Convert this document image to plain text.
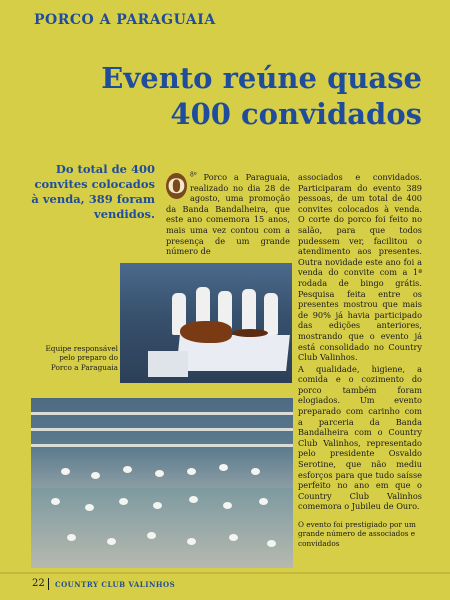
PORCO A PARAGUAIA
Evento reúne quase
400 convidados
Do total de 400 convites colocados à venda, 389 foram vendidos.
O $^{8º}$ Porco a Paraguaia, realizado no dia 28 de agosto, uma promoção da Banda Bandalheira, que este ano comemora 15 anos, mais uma vez contou com a presença de um grande número de

associados e convidados. Participaram do evento 389 pessoas, de um total de 400 convites colocados à venda. O corte do porco foi feito no salão, para que todos pudessem ver, facilitou o atendimento aos presentes. Outra novidade este ano foi a venda do convite com a 1ª rodada de bingo grátis. Pesquisa feita entre os presentes mostrou que mais de 90% já havia participado das edições anteriores, mostrando que o evento já está consolidado no Country Club Valinhos.

A qualidade, higiene, a comida e o cozimento do porco também foram elogiados. Um evento preparado com carinho com a parceria da Banda Bandalheira com o Country Club Valinhos, representado pelo presidente Osvaldo Serotine, que não mediu esforços para que tudo saísse perfeito no ano em que o Country Club Valinhos comemora o Jubileu de Ouro.

Equipe responsável pelo preparo do Porco a Paraguaia
O evento foi prestigiado por um grande número de associados e convidados
22 COUNTRY CLUB VALINHOS
